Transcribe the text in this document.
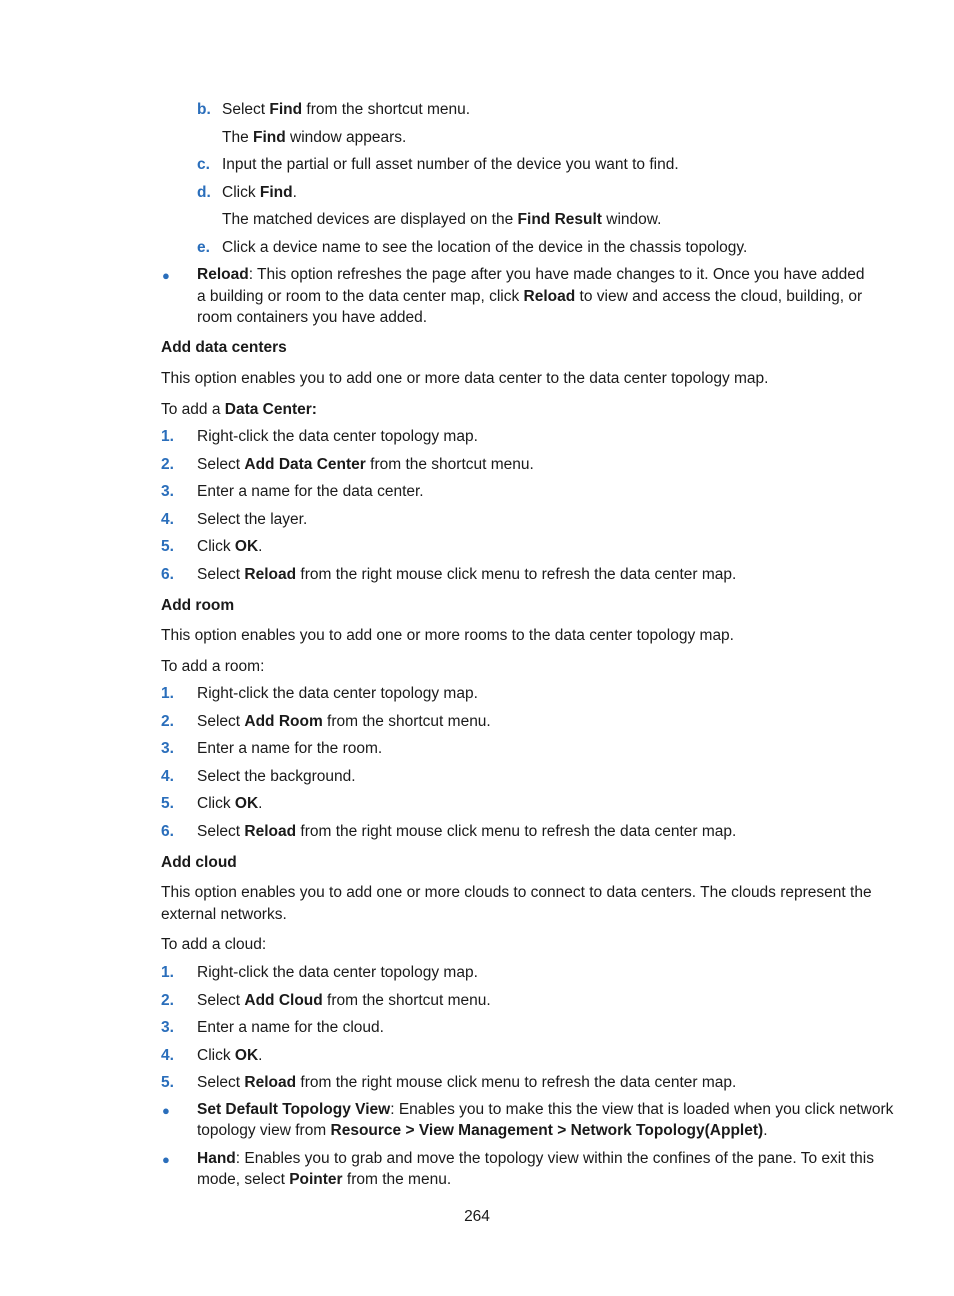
b. Select Find from the shortcut menu.
The Find window appears.
c. Input the partial or full asset number of the device you want to find.
d. Click Find.
The matched devices are displayed on the Find Result window.
e. Click a device name to see the location of the device in the chassis topology.
● Reload: This option refreshes the page after you have made changes to it. Once you have added
a building or room to the data center map, click Reload to view and access the cloud, building, or
room containers you have added.
Add data centers
This option enables you to add one or more data center to the data center topology map.
To add a Data Center:
1. Right-click the data center topology map.
2. Select Add Data Center from the shortcut menu.
3. Enter a name for the data center.
4. Select the layer.
5. Click OK.
6. Select Reload from the right mouse click menu to refresh the data center map.
Add room
This option enables you to add one or more rooms to the data center topology map.
To add a room:
1. Right-click the data center topology map.
2. Select Add Room from the shortcut menu.
3. Enter a name for the room.
4. Select the background.
5. Click OK.
6. Select Reload from the right mouse click menu to refresh the data center map.
Add cloud
This option enables you to add one or more clouds to connect to data centers. The clouds represent the
external networks.
To add a cloud:
1. Right-click the data center topology map.
2. Select Add Cloud from the shortcut menu.
3. Enter a name for the cloud.
4. Click OK.
5. Select Reload from the right mouse click menu to refresh the data center map.
● Set Default Topology View: Enables you to make this the view that is loaded when you click network
topology view from Resource > View Management > Network Topology(Applet).
● Hand: Enables you to grab and move the topology view within the confines of the pane. To exit this
mode, select Pointer from the menu.
264
